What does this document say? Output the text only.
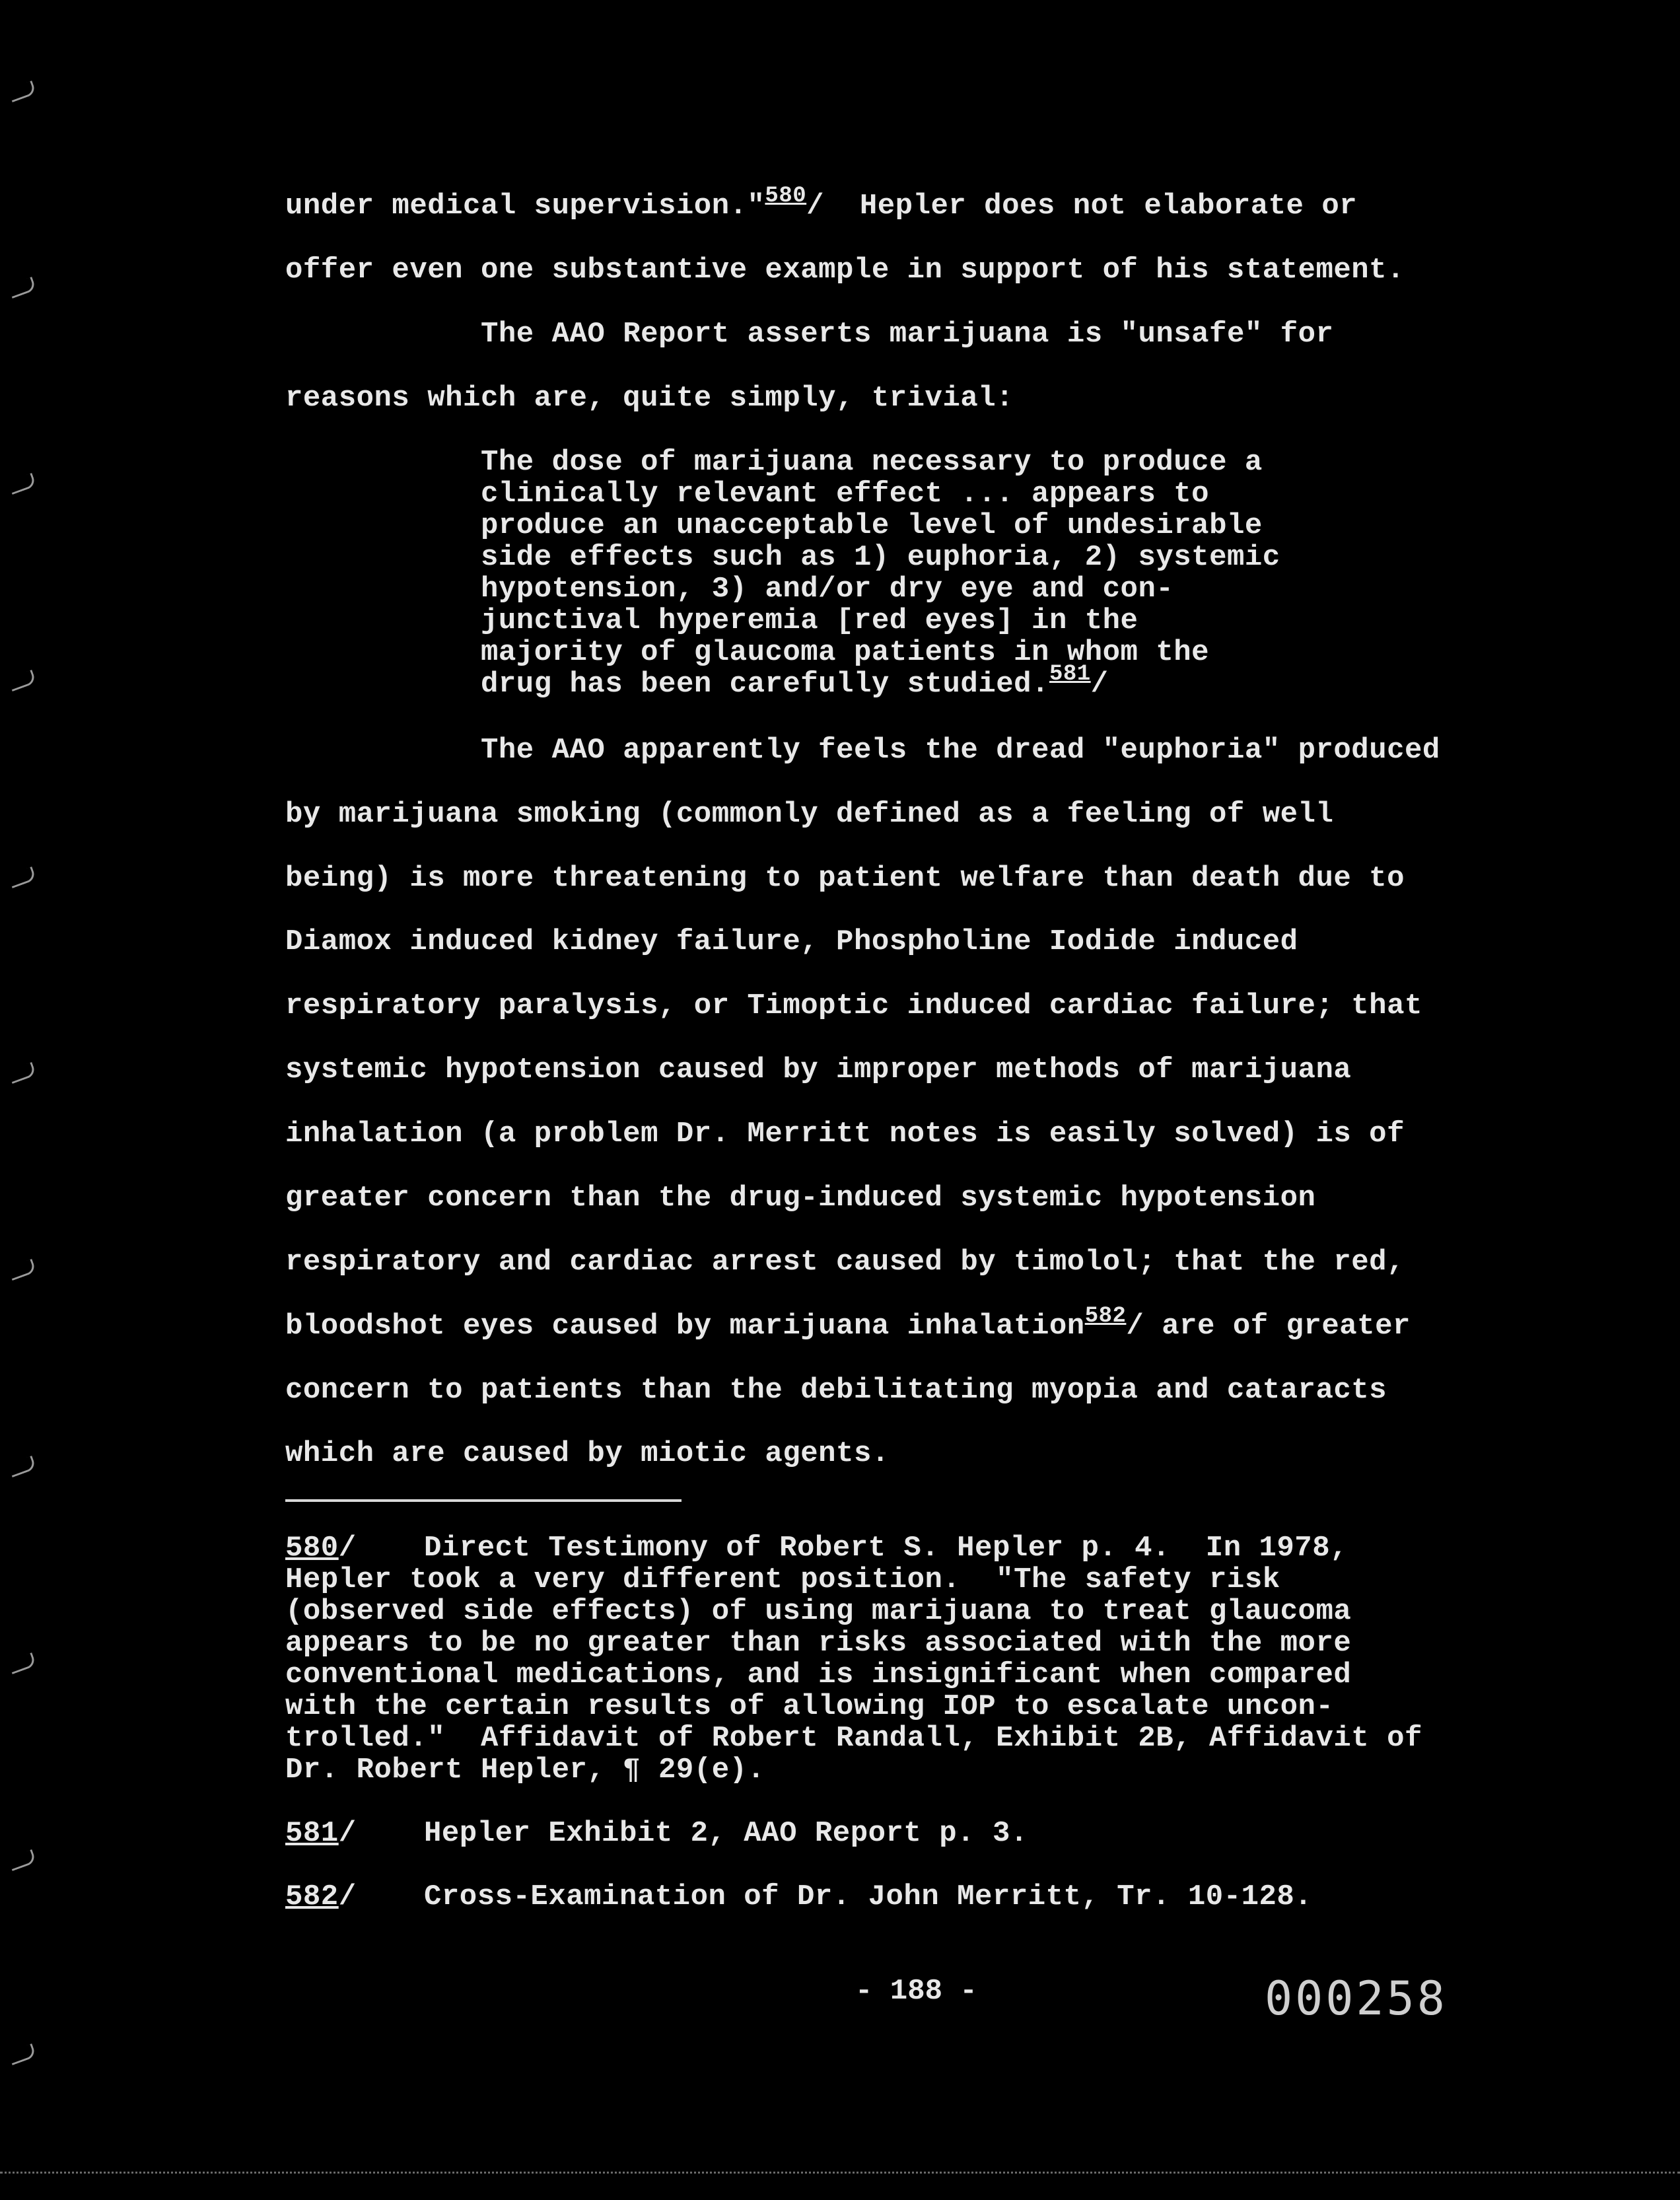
under medical supervision."$^{580}$/  Hepler does not elaborate or
offer even one substantive example in support of his statement.
The AAO Report asserts marijuana is "unsafe" for
reasons which are, quite simply, trivial:
The dose of marijuana necessary to produce a
clinically relevant effect ... appears to
produce an unacceptable level of undesirable
side effects such as 1) euphoria, 2) systemic
hypotension, 3) and/or dry eye and con-
junctival hyperemia [red eyes] in the
majority of glaucoma patients in whom the
drug has been carefully studied.$^{581}$/
The AAO apparently feels the dread "euphoria" produced
by marijuana smoking (commonly defined as a feeling of well
being) is more threatening to patient welfare than death due to
Diamox induced kidney failure, Phospholine Iodide induced
respiratory paralysis, or Timoptic induced cardiac failure; that
systemic hypotension caused by improper methods of marijuana
inhalation (a problem Dr. Merritt notes is easily solved) is of
greater concern than the drug-induced systemic hypotension
respiratory and cardiac arrest caused by timolol; that the red,
bloodshot eyes caused by marijuana inhalation$^{582}$/ are of greater
concern to patients than the debilitating myopia and cataracts
which are caused by miotic agents.
580/ Direct Testimony of Robert S. Hepler p. 4.  In 1978,
Hepler took a very different position.  "The safety risk
(observed side effects) of using marijuana to treat glaucoma
appears to be no greater than risks associated with the more
conventional medications, and is insignificant when compared
with the certain results of allowing IOP to escalate uncon-
trolled."  Affidavit of Robert Randall, Exhibit 2B, Affidavit of
Dr. Robert Hepler, ¶ 29(e).
581/ Hepler Exhibit 2, AAO Report p. 3.
582/ Cross-Examination of Dr. John Merritt, Tr. 10-128.
- 188 -	000258
